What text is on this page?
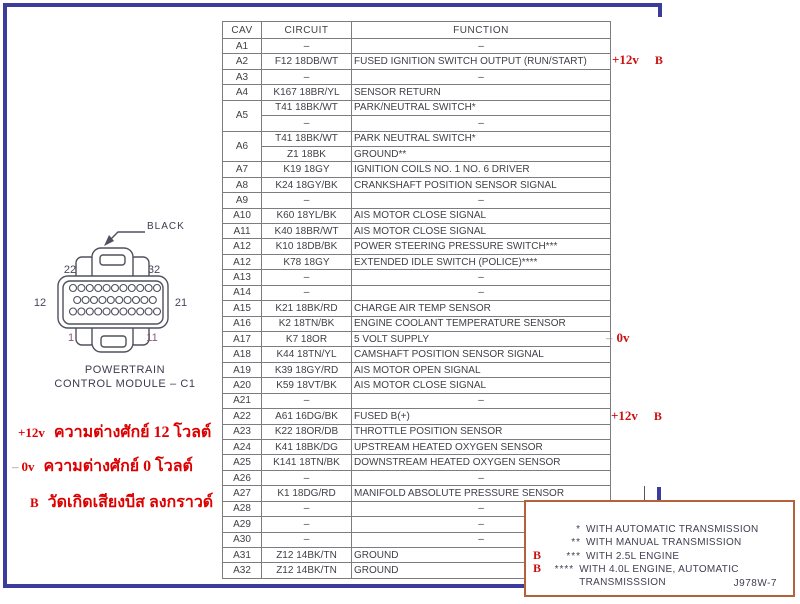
22	32
12	21
1	11
BLACK
POWERTRAIN
CONTROL MODULE – C1
CAV	CIRCUIT	FUNCTION
A1	–	–
A2	F12 18DB/WT	FUSED IGNITION SWITCH OUTPUT (RUN/START)
A3	–	–
A4	K167 18BR/YL	SENSOR RETURN
A5	T41 18BK/WT	PARK/NEUTRAL SWITCH*
	–	–
A6	T41 18BK/WT	PARK NEUTRAL SWITCH*
	Z1 18BK	GROUND**
A7	K19 18GY	IGNITION COILS NO. 1 NO. 6 DRIVER
A8	K24 18GY/BK	CRANKSHAFT POSITION SENSOR SIGNAL
A9	–	–
A10	K60 18YL/BK	AIS MOTOR CLOSE SIGNAL
A11	K40 18BR/WT	AIS MOTOR CLOSE SIGNAL
A12	K10 18DB/BK	POWER STEERING PRESSURE SWITCH***
A12	K78 18GY	EXTENDED IDLE SWITCH (POLICE)****
A13	–	–
A14	–	–
A15	K21 18BK/RD	CHARGE AIR TEMP SENSOR
A16	K2 18TN/BK	ENGINE COOLANT TEMPERATURE SENSOR
A17	K7 18OR	5 VOLT SUPPLY
A18	K44 18TN/YL	CAMSHAFT POSITION SENSOR SIGNAL
A19	K39 18GY/RD	AIS MOTOR OPEN SIGNAL
A20	K59 18VT/BK	AIS MOTOR CLOSE SIGNAL
A21	–	–
A22	A61 16DG/BK	FUSED B(+)
A23	K22 18OR/DB	THROTTLE POSITION SENSOR
A24	K41 18BK/DG	UPSTREAM HEATED OXYGEN SENSOR
A25	K141 18TN/BK	DOWNSTREAM HEATED OXYGEN SENSOR
A26	–	–
A27	K1 18DG/RD	MANIFOLD ABSOLUTE PRESSURE SENSOR
A28	–	–
A29	–	–
A30	–	–
A31	Z12 14BK/TN	GROUND
A32	Z12 14BK/TN	GROUND
+12v B
– 0v
+12v B
+12v ความต่างศักย์ 12 โวลต์
– 0v ความต่างศักย์ 0 โวลต์
B วัดเกิดเสียงบีส ลงกราวด์
* WITH AUTOMATIC TRANSMISSION
** WITH MANUAL TRANSMISSION
B	*** WITH 2.5L ENGINE
B	**** WITH 4.0L ENGINE, AUTOMATIC TRANSMISSSION	J978W-7
